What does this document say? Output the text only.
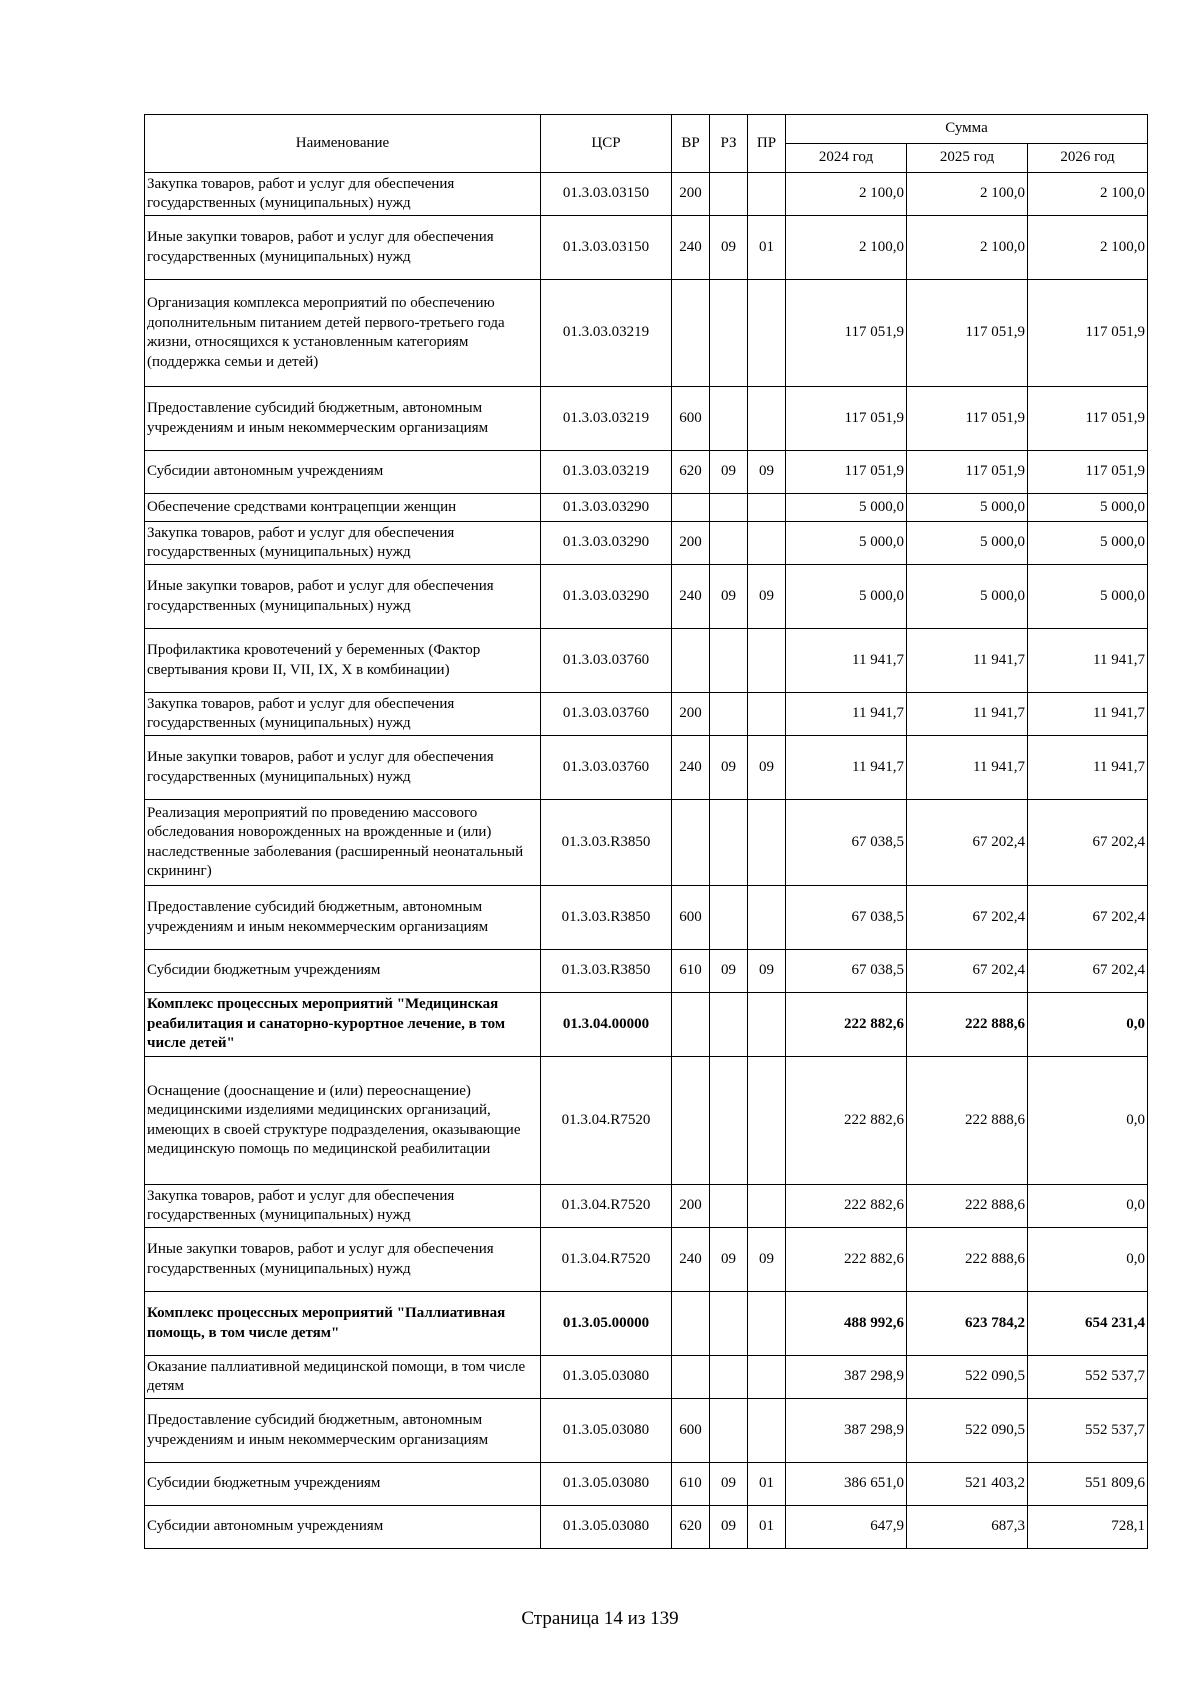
Наименование	ЦСР	ВР	РЗ	ПР	Сумма		
					2024 год	2025 год	2026 год
Закупка товаров, работ и услуг для обеспечения государственных (муниципальных) нужд	01.3.03.03150	200			2 100,0	2 100,0	2 100,0
Иные закупки товаров, работ и услуг для обеспечения государственных (муниципальных) нужд	01.3.03.03150	240	09	01	2 100,0	2 100,0	2 100,0
Организация комплекса мероприятий по обеспечению дополнительным питанием детей первого-третьего года жизни, относящихся к установленным категориям (поддержка семьи и детей)	01.3.03.03219				117 051,9	117 051,9	117 051,9
Предоставление субсидий бюджетным, автономным учреждениям и иным некоммерческим организациям	01.3.03.03219	600			117 051,9	117 051,9	117 051,9
Субсидии автономным учреждениям	01.3.03.03219	620	09	09	117 051,9	117 051,9	117 051,9
Обеспечение средствами контрацепции женщин	01.3.03.03290				5 000,0	5 000,0	5 000,0
Закупка товаров, работ и услуг для обеспечения государственных (муниципальных) нужд	01.3.03.03290	200			5 000,0	5 000,0	5 000,0
Иные закупки товаров, работ и услуг для обеспечения государственных (муниципальных) нужд	01.3.03.03290	240	09	09	5 000,0	5 000,0	5 000,0
Профилактика кровотечений у беременных (Фактор свертывания крови II, VII, IX, X в комбинации)	01.3.03.03760				11 941,7	11 941,7	11 941,7
Закупка товаров, работ и услуг для обеспечения государственных (муниципальных) нужд	01.3.03.03760	200			11 941,7	11 941,7	11 941,7
Иные закупки товаров, работ и услуг для обеспечения государственных (муниципальных) нужд	01.3.03.03760	240	09	09	11 941,7	11 941,7	11 941,7
Реализация мероприятий по проведению массового обследования новорожденных на врожденные и (или) наследственные заболевания (расширенный неонатальный скрининг)	01.3.03.R3850				67 038,5	67 202,4	67 202,4
Предоставление субсидий бюджетным, автономным учреждениям и иным некоммерческим организациям	01.3.03.R3850	600			67 038,5	67 202,4	67 202,4
Субсидии бюджетным учреждениям	01.3.03.R3850	610	09	09	67 038,5	67 202,4	67 202,4
Комплекс процессных мероприятий "Медицинская реабилитация и санаторно-курортное лечение, в том числе детей"	01.3.04.00000				222 882,6	222 888,6	0,0
Оснащение (дооснащение и (или) переоснащение) медицинскими изделиями медицинских организаций, имеющих в своей структуре подразделения, оказывающие медицинскую помощь по медицинской реабилитации	01.3.04.R7520				222 882,6	222 888,6	0,0
Закупка товаров, работ и услуг для обеспечения государственных (муниципальных) нужд	01.3.04.R7520	200			222 882,6	222 888,6	0,0
Иные закупки товаров, работ и услуг для обеспечения государственных (муниципальных) нужд	01.3.04.R7520	240	09	09	222 882,6	222 888,6	0,0
Комплекс процессных мероприятий "Паллиативная помощь, в том числе детям"	01.3.05.00000				488 992,6	623 784,2	654 231,4
Оказание паллиативной медицинской помощи, в том числе детям	01.3.05.03080				387 298,9	522 090,5	552 537,7
Предоставление субсидий бюджетным, автономным учреждениям и иным некоммерческим организациям	01.3.05.03080	600			387 298,9	522 090,5	552 537,7
Субсидии бюджетным учреждениям	01.3.05.03080	610	09	01	386 651,0	521 403,2	551 809,6
Субсидии автономным учреждениям	01.3.05.03080	620	09	01	647,9	687,3	728,1
Страница 14 из 139
